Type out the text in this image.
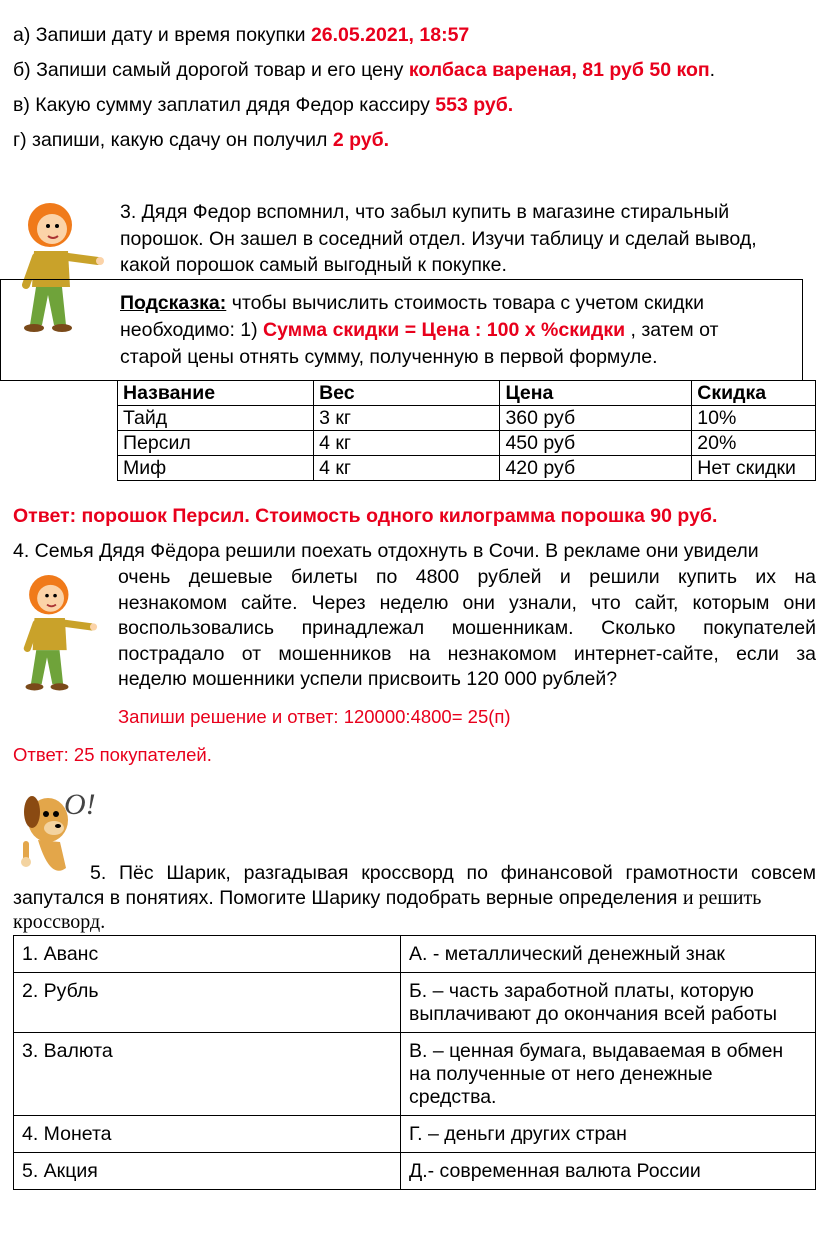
а) Запиши дату и время покупки 26.05.2021, 18:57
б) Запиши самый дорогой товар и его цену колбаса вареная, 81 руб 50 коп.
в) Какую сумму заплатил дядя Федор кассиру 553 руб.
г) запиши, какую сдачу он получил 2 руб.
3. Дядя Федор вспомнил, что забыл купить в магазине стиральный
порошок. Он зашел в соседний отдел. Изучи таблицу и сделай вывод,
какой порошок самый выгодный к покупке.
Подсказка: чтобы вычислить стоимость товара с учетом скидки
необходимо: 1) Сумма скидки = Цена : 100 х %скидки , затем от
старой цены отнять сумму, полученную в первой формуле.
Название	Вес	Цена	Скидка
Тайд	3 кг	360 руб	10%
Персил	4 кг	450 руб	20%
Миф	4 кг	420 руб	Нет скидки
Ответ: порошок Персил. Стоимость одного килограмма порошка 90 руб.
4. Семья Дядя Фёдора решили поехать отдохнуть в Сочи. В рекламе они увидели
очень дешевые билеты по 4800 рублей и решили купить их на
незнакомом сайте. Через неделю они узнали, что сайт, которым они
воспользовались принадлежал мошенникам. Сколько покупателей
пострадало от мошенников на незнакомом интернет-сайте, если за
неделю мошенники успели присвоить 120 000 рублей?
Запиши решение и ответ: 120000:4800= 25(п)
Ответ: 25 покупателей.
О!
5. Пёс Шарик, разгадывая кроссворд по финансовой грамотности совсем
запутался в понятиях. Помогите Шарику подобрать верные определения и решить
кроссворд.
1. Аванс	А. - металлический денежный знак
2. Рубль	Б. – часть заработной платы, которую выплачивают до окончания всей работы
3. Валюта	В. – ценная бумага, выдаваемая в обмен на полученные от него денежные средства.
4. Монета	Г. – деньги других стран
5. Акция	Д.- современная валюта России
